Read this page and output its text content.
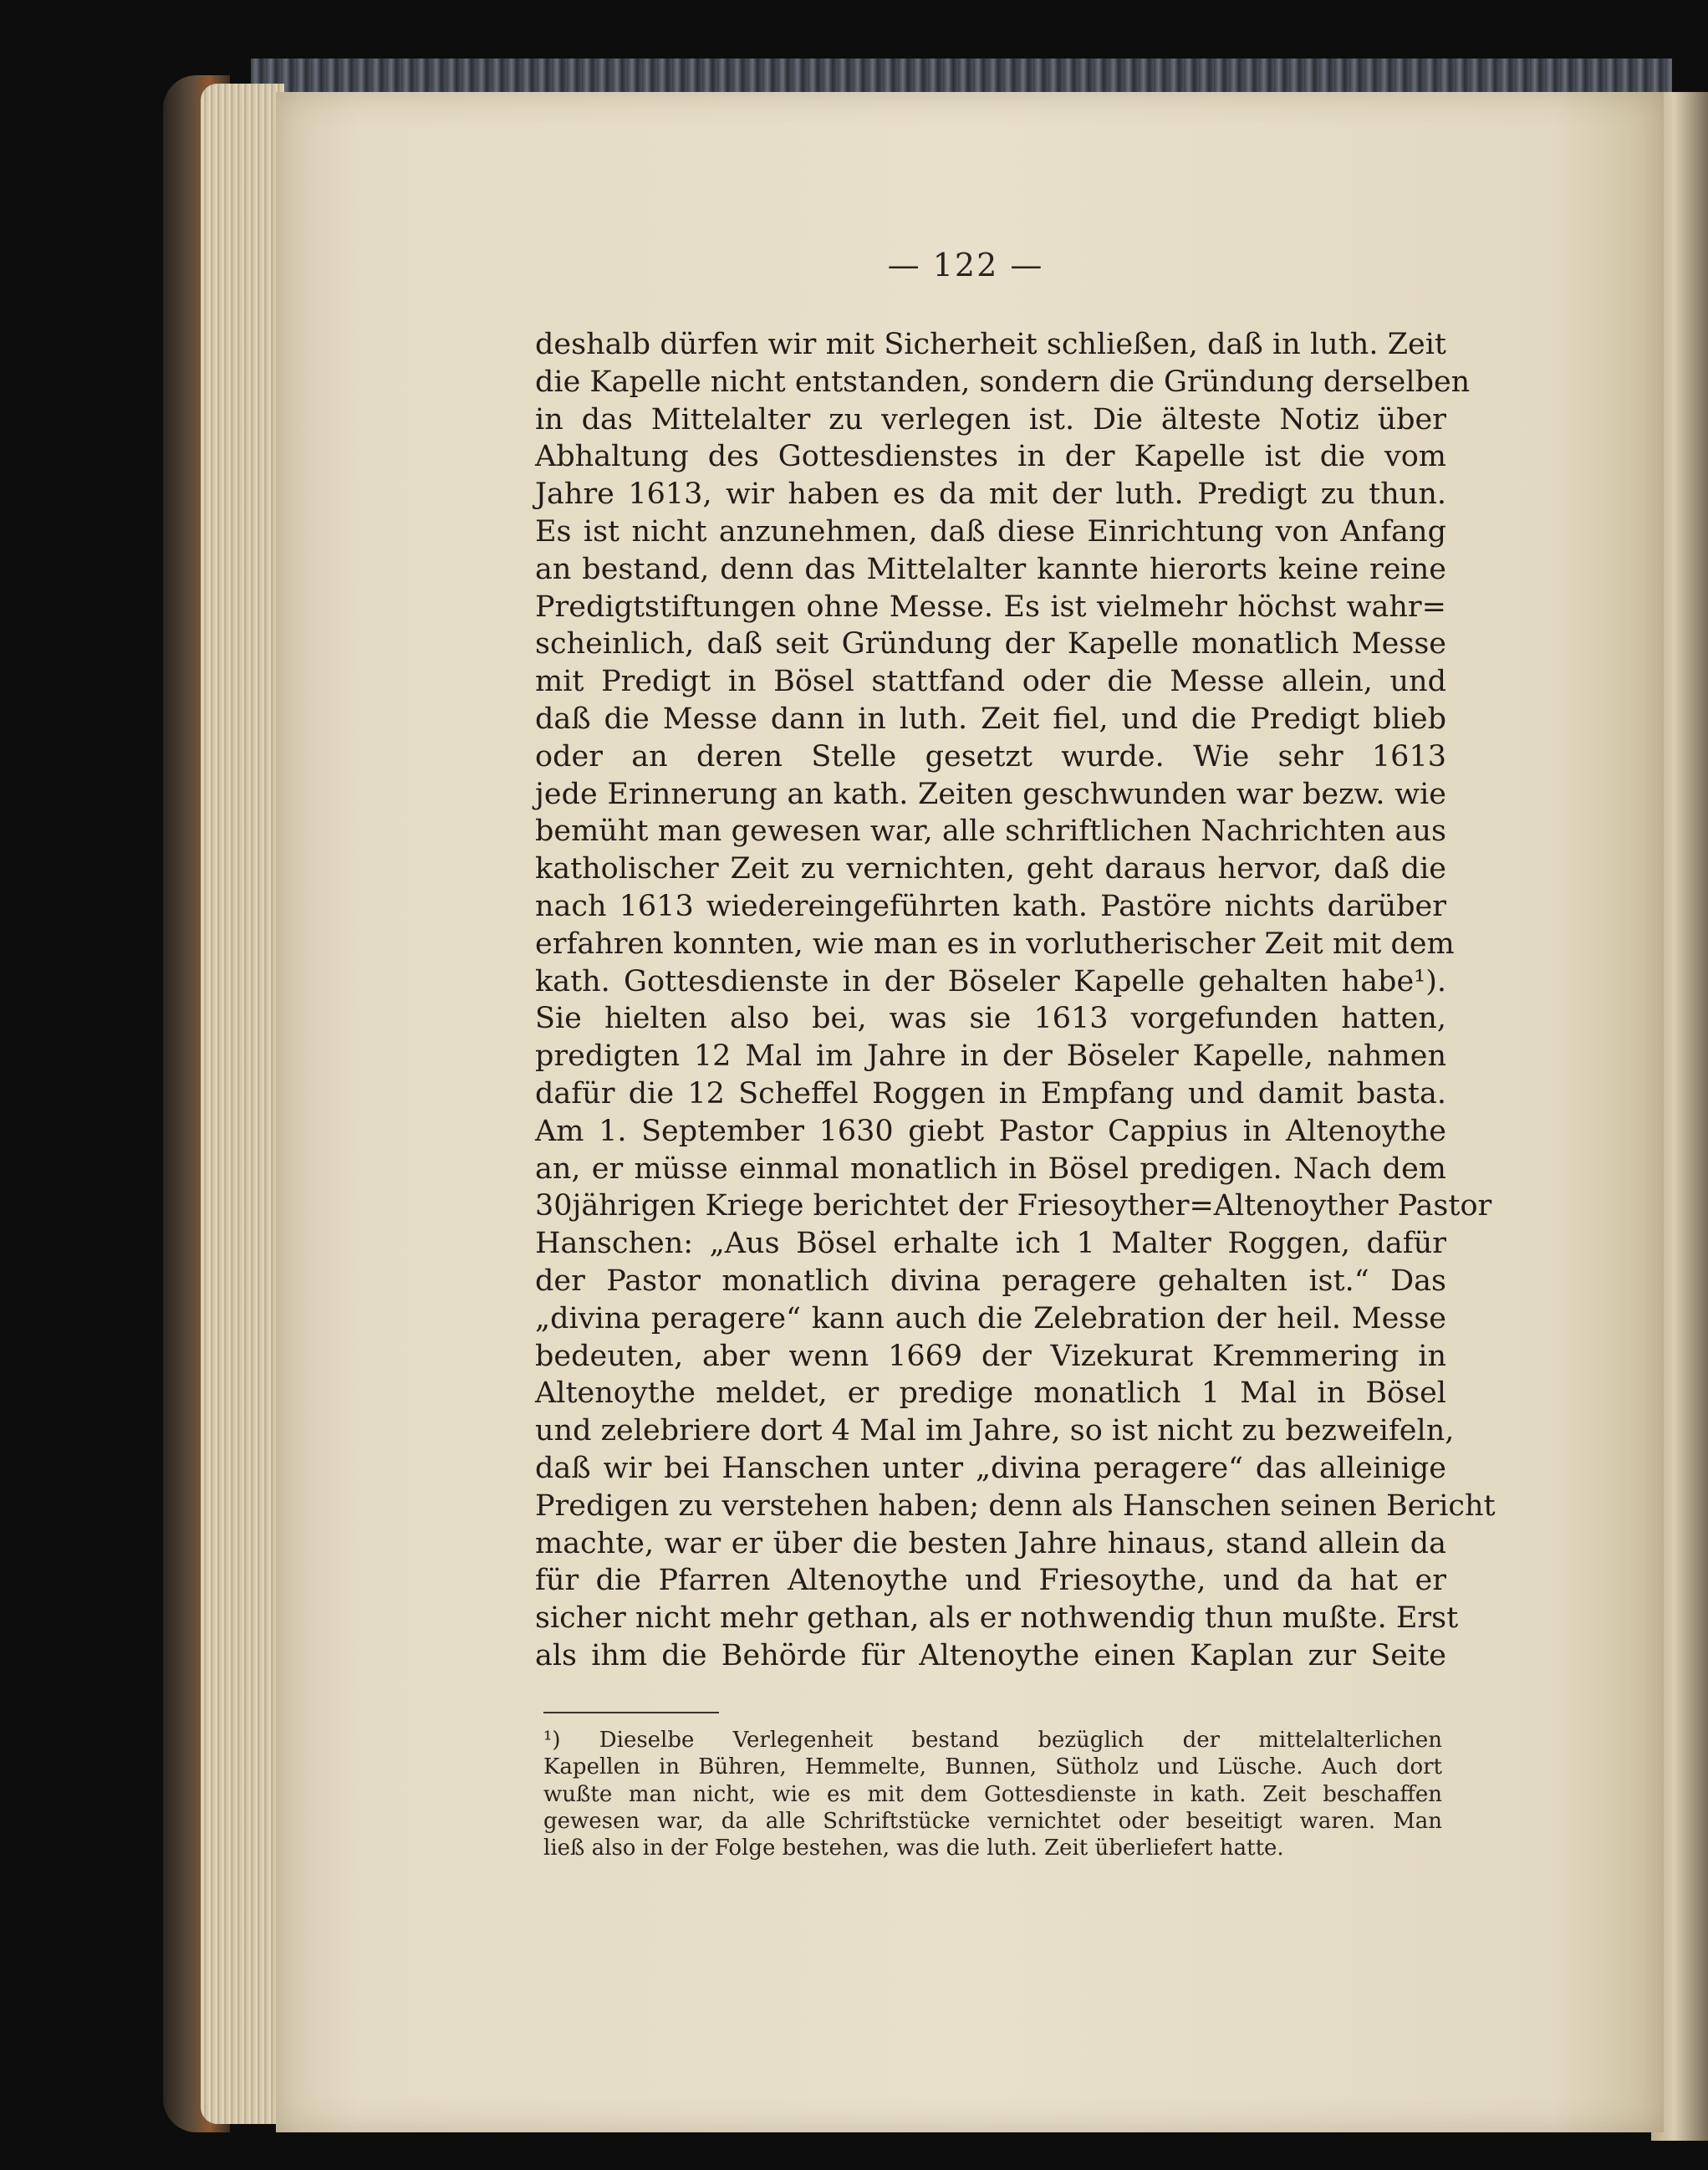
— 122 —
deshalb dürfen wir mit Sicherheit schließen, daß in luth. Zeit
die Kapelle nicht entstanden, sondern die Gründung derselben
in das Mittelalter zu verlegen ist. Die älteste Notiz über
Abhaltung des Gottesdienstes in der Kapelle ist die vom
Jahre 1613, wir haben es da mit der luth. Predigt zu thun.
Es ist nicht anzunehmen, daß diese Einrichtung von Anfang
an bestand, denn das Mittelalter kannte hierorts keine reine
Predigtstiftungen ohne Messe. Es ist vielmehr höchst wahr=
scheinlich, daß seit Gründung der Kapelle monatlich Messe
mit Predigt in Bösel stattfand oder die Messe allein, und
daß die Messe dann in luth. Zeit fiel, und die Predigt blieb
oder an deren Stelle gesetzt wurde. Wie sehr 1613
jede Erinnerung an kath. Zeiten geschwunden war bezw. wie
bemüht man gewesen war, alle schriftlichen Nachrichten aus
katholischer Zeit zu vernichten, geht daraus hervor, daß die
nach 1613 wiedereingeführten kath. Pastöre nichts darüber
erfahren konnten, wie man es in vorlutherischer Zeit mit dem
kath. Gottesdienste in der Böseler Kapelle gehalten habe¹).
Sie hielten also bei, was sie 1613 vorgefunden hatten,
predigten 12 Mal im Jahre in der Böseler Kapelle, nahmen
dafür die 12 Scheffel Roggen in Empfang und damit basta.
Am 1. September 1630 giebt Pastor Cappius in Altenoythe
an, er müsse einmal monatlich in Bösel predigen. Nach dem
30jährigen Kriege berichtet der Friesoyther=Altenoyther Pastor
Hanschen: „Aus Bösel erhalte ich 1 Malter Roggen, dafür
der Pastor monatlich divina peragere gehalten ist.“ Das
„divina peragere“ kann auch die Zelebration der heil. Messe
bedeuten, aber wenn 1669 der Vizekurat Kremmering in
Altenoythe meldet, er predige monatlich 1 Mal in Bösel
und zelebriere dort 4 Mal im Jahre, so ist nicht zu bezweifeln,
daß wir bei Hanschen unter „divina peragere“ das alleinige
Predigen zu verstehen haben; denn als Hanschen seinen Bericht
machte, war er über die besten Jahre hinaus, stand allein da
für die Pfarren Altenoythe und Friesoythe, und da hat er
sicher nicht mehr gethan, als er nothwendig thun mußte. Erst
als ihm die Behörde für Altenoythe einen Kaplan zur Seite
¹) Dieselbe Verlegenheit bestand bezüglich der mittelalterlichen
Kapellen in Bühren, Hemmelte, Bunnen, Sütholz und Lüsche. Auch dort
wußte man nicht, wie es mit dem Gottesdienste in kath. Zeit beschaffen
gewesen war, da alle Schriftstücke vernichtet oder beseitigt waren. Man
ließ also in der Folge bestehen, was die luth. Zeit überliefert hatte.
